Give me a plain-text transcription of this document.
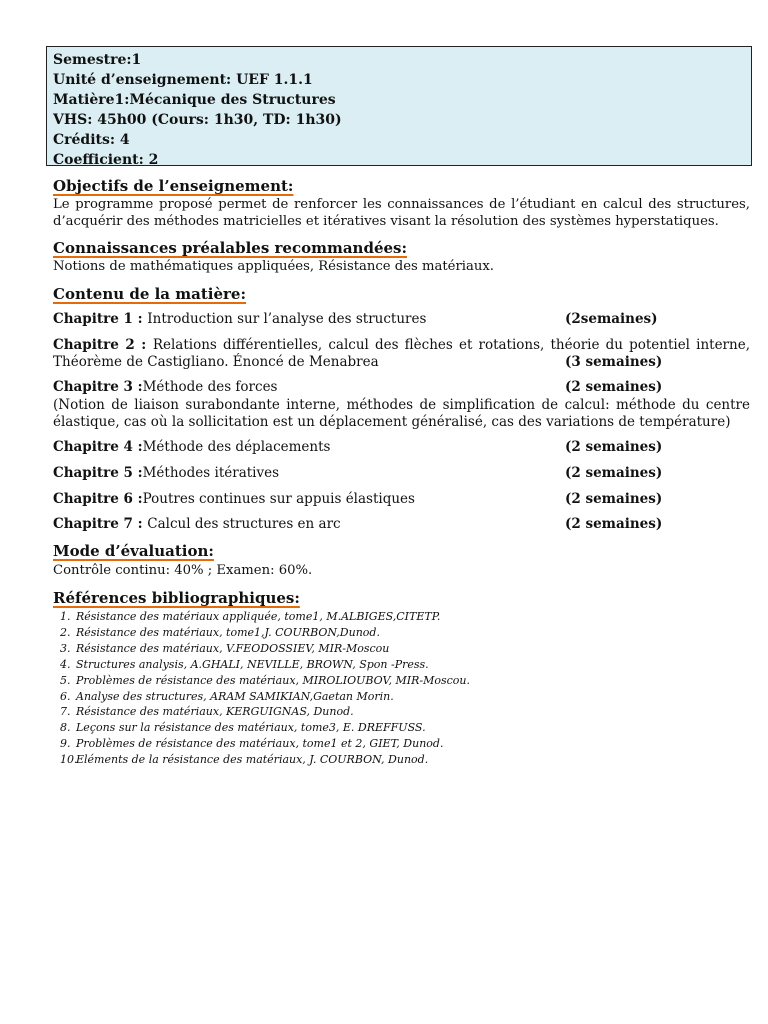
Semestre:1
Unité d’enseignement: UEF 1.1.1
Matière1:Mécanique des Structures
VHS: 45h00 (Cours: 1h30, TD: 1h30)
Crédits: 4
Coefficient: 2
Objectifs de l’enseignement:
Le programme proposé permet de renforcer les connaissances de l’étudiant en calcul des structures,
d’acquérir des méthodes matricielles et itératives visant la résolution des systèmes hyperstatiques.
Connaissances préalables recommandées:
Notions de mathématiques appliquées, Résistance des matériaux.
Contenu de la matière:
Chapitre 1 : Introduction sur l’analyse des structures	(2semaines)
Chapitre 2 : Relations différentielles, calcul des flèches et rotations, théorie du potentiel interne,
Théorème de Castigliano. Énoncé de Menabrea	(3 semaines)
Chapitre 3 :Méthode des forces	(2 semaines)
(Notion de liaison surabondante interne, méthodes de simplification de calcul: méthode du centre
élastique, cas où la sollicitation est un déplacement généralisé, cas des variations de température)
Chapitre 4 :Méthode des déplacements	(2 semaines)
Chapitre 5 :Méthodes itératives	(2 semaines)
Chapitre 6 :Poutres continues sur appuis élastiques	(2 semaines)
Chapitre 7 : Calcul des structures en arc	(2 semaines)
Mode d’évaluation:
Contrôle continu: 40% ; Examen: 60%.
Références bibliographiques:
1. Résistance des matériaux appliquée, tome1, M.ALBIGES,CITETP.
2. Résistance des matériaux, tome1,J. COURBON,Dunod.
3. Résistance des matériaux, V.FEODOSSIEV, MIR-Moscou
4. Structures analysis, A.GHALI, NEVILLE, BROWN, Spon -Press.
5. Problèmes de résistance des matériaux, MIROLIOUBOV, MIR-Moscou.
6. Analyse des structures, ARAM SAMIKIAN,Gaetan Morin.
7. Résistance des matériaux, KERGUIGNAS, Dunod.
8. Leçons sur la résistance des matériaux, tome3, E. DREFFUSS.
9. Problèmes de résistance des matériaux, tome1 et 2, GIET, Dunod.
10.Eléments de la résistance des matériaux, J. COURBON, Dunod.
